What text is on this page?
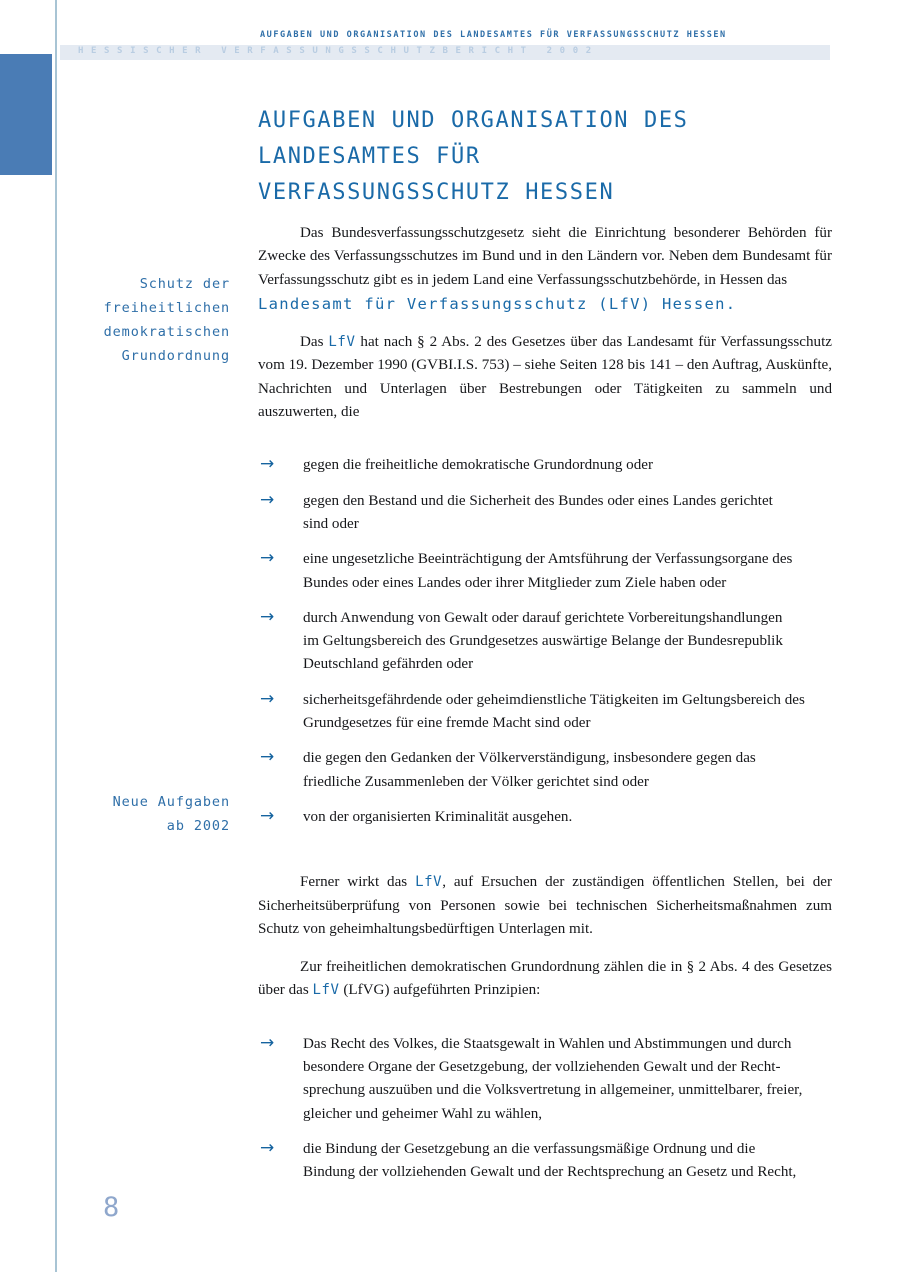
AUFGABEN UND ORGANISATION DES LANDESAMTES FÜR VERFASSUNGSSCHUTZ HESSEN
HESSISCHER VERFASSUNGSSCHUTZBERICHT 2002
AUFGABEN UND ORGANISATION DES
LANDESAMTES FÜR
VERFASSUNGSSCHUTZ HESSEN
Schutz der
freiheitlichen
demokratischen
Grundordnung
Neue Aufgaben
ab 2002

Das Bundesverfassungsschutzgesetz sieht die Einrichtung besonderer Behörden für Zwecke des Verfassungsschutzes im Bund und in den Ländern vor. Neben dem Bundesamt für Verfassungsschutz gibt es in jedem Land eine Verfassungsschutzbehörde, in Hessen das
Landesamt für Verfassungsschutz (LfV) Hessen.

Das LfV hat nach § 2 Abs. 2 des Gesetzes über das Landesamt für Verfassungsschutz vom 19. Dezember 1990 (GVBI.I.S. 753) – siehe Seiten 128 bis 141 – den Auftrag, Auskünfte, Nachrichten und Unterlagen über Bestrebungen oder Tätigkeiten zu sammeln und auszuwerten, die

→ gegen die freiheitliche demokratische Grundordnung oder
→ gegen den Bestand und die Sicherheit des Bundes oder eines Landes gerichtet
sind oder
→ eine ungesetzliche Beeinträchtigung der Amtsführung der Verfassungsorgane des
Bundes oder eines Landes oder ihrer Mitglieder zum Ziele haben oder
→ durch Anwendung von Gewalt oder darauf gerichtete Vorbereitungshandlungen
im Geltungsbereich des Grundgesetzes auswärtige Belange der Bundesrepublik
Deutschland gefährden oder
→ sicherheitsgefährdende oder geheimdienstliche Tätigkeiten im Geltungsbereich des
Grundgesetzes für eine fremde Macht sind oder
→ die gegen den Gedanken der Völkerverständigung, insbesondere gegen das
friedliche Zusammenleben der Völker gerichtet sind oder
→ von der organisierten Kriminalität ausgehen.

Ferner wirkt das LfV, auf Ersuchen der zuständigen öffentlichen Stellen, bei der Sicherheitsüberprüfung von Personen sowie bei technischen Sicherheitsmaßnahmen zum Schutz von geheimhaltungsbedürftigen Unterlagen mit.

Zur freiheitlichen demokratischen Grundordnung zählen die in § 2 Abs. 4 des Gesetzes über das LfV (LfVG) aufgeführten Prinzipien:

→ Das Recht des Volkes, die Staatsgewalt in Wahlen und Abstimmungen und durch
besondere Organe der Gesetzgebung, der vollziehenden Gewalt und der Recht-
sprechung auszuüben und die Volksvertretung in allgemeiner, unmittelbarer, freier,
gleicher und geheimer Wahl zu wählen,
→ die Bindung der Gesetzgebung an die verfassungsmäßige Ordnung und die
Bindung der vollziehenden Gewalt und der Rechtsprechung an Gesetz und Recht,
8
